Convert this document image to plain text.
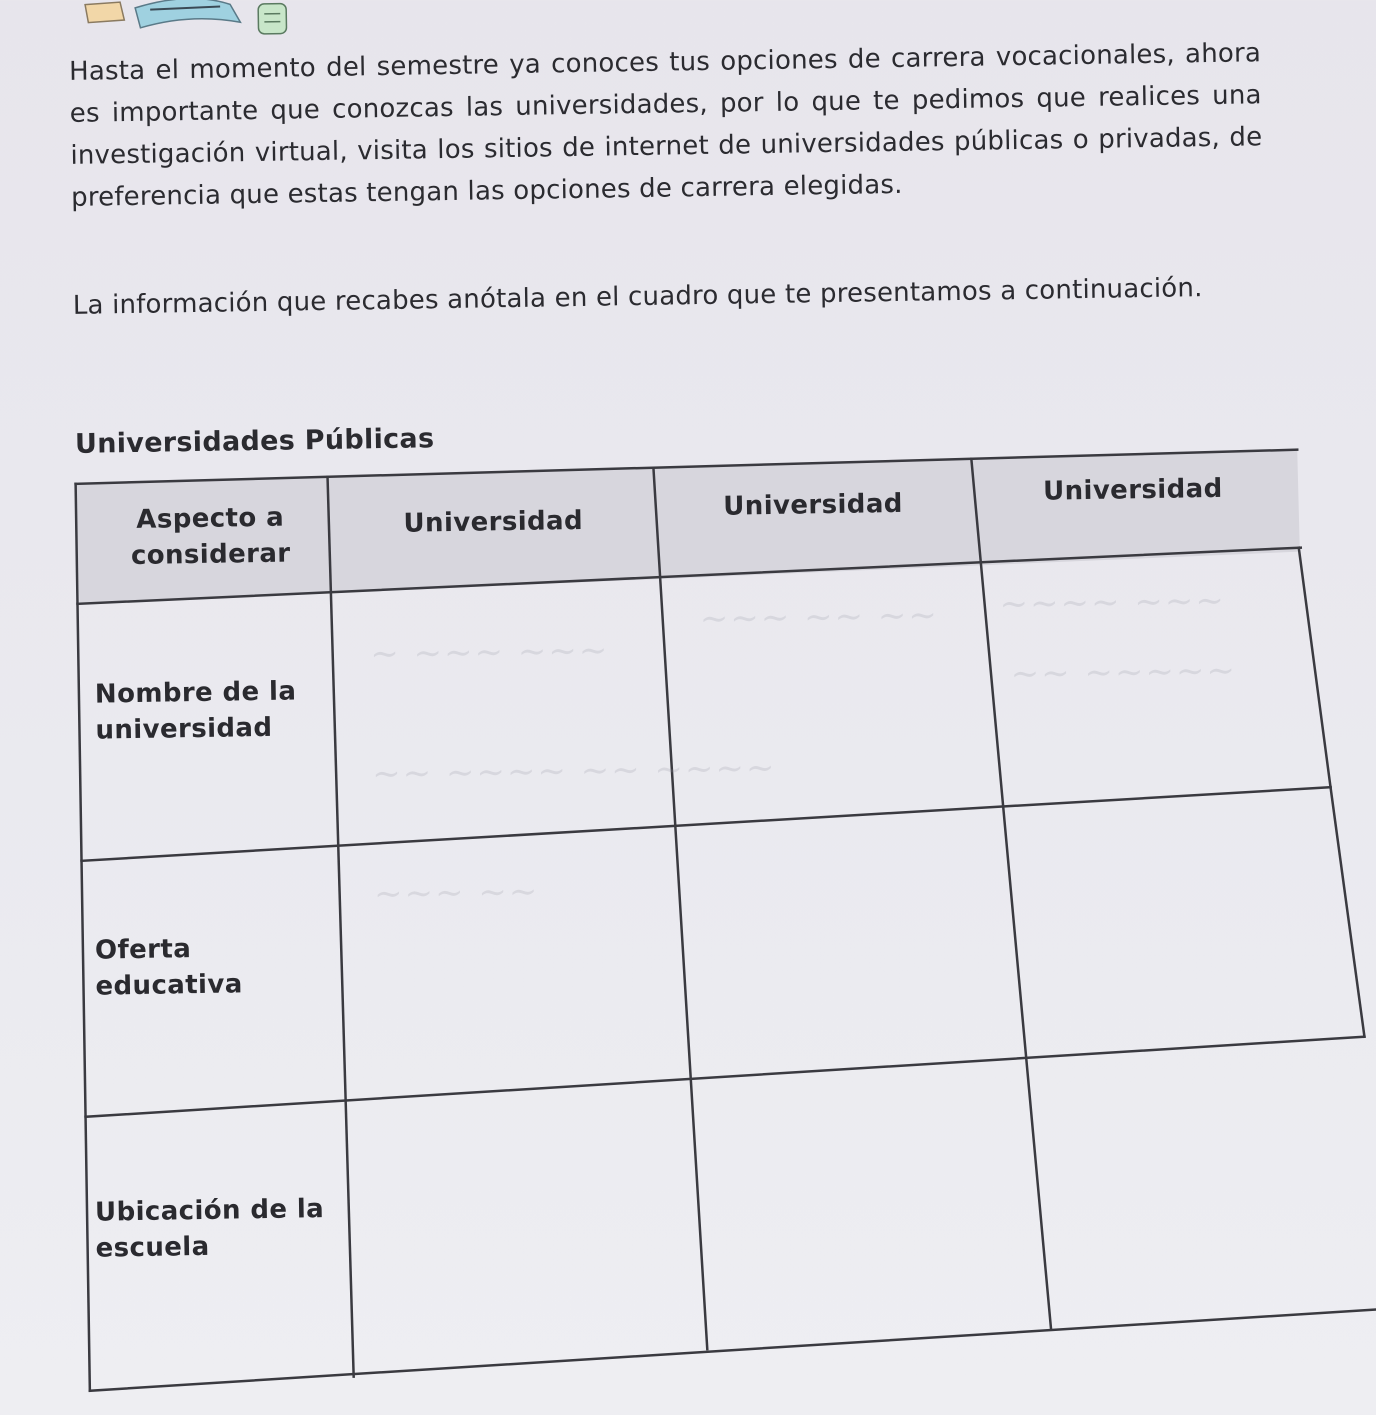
Hasta el momento del semestre ya conoces tus opciones de carrera vocacionales, ahora es importante que conozcas las universidades, por lo que te pedimos que realices una investigación virtual, visita los sitios de internet de universidades públicas o privadas, de preferencia que estas tengan las opciones de carrera elegidas.

La información que recabes anótala en el cuadro que te presentamos a continuación.

Universidades Públicas
~ ~~~ ~~~
~~~ ~~ ~~ ~~~~ ~~~
~~ ~~~~~
~~ ~~~~ ~~ ~~~~
~~~ ~~
Aspecto a considerar
Universidad
Universidad	Universidad
Nombre de la universidad
Oferta educativa
Ubicación de la escuela
